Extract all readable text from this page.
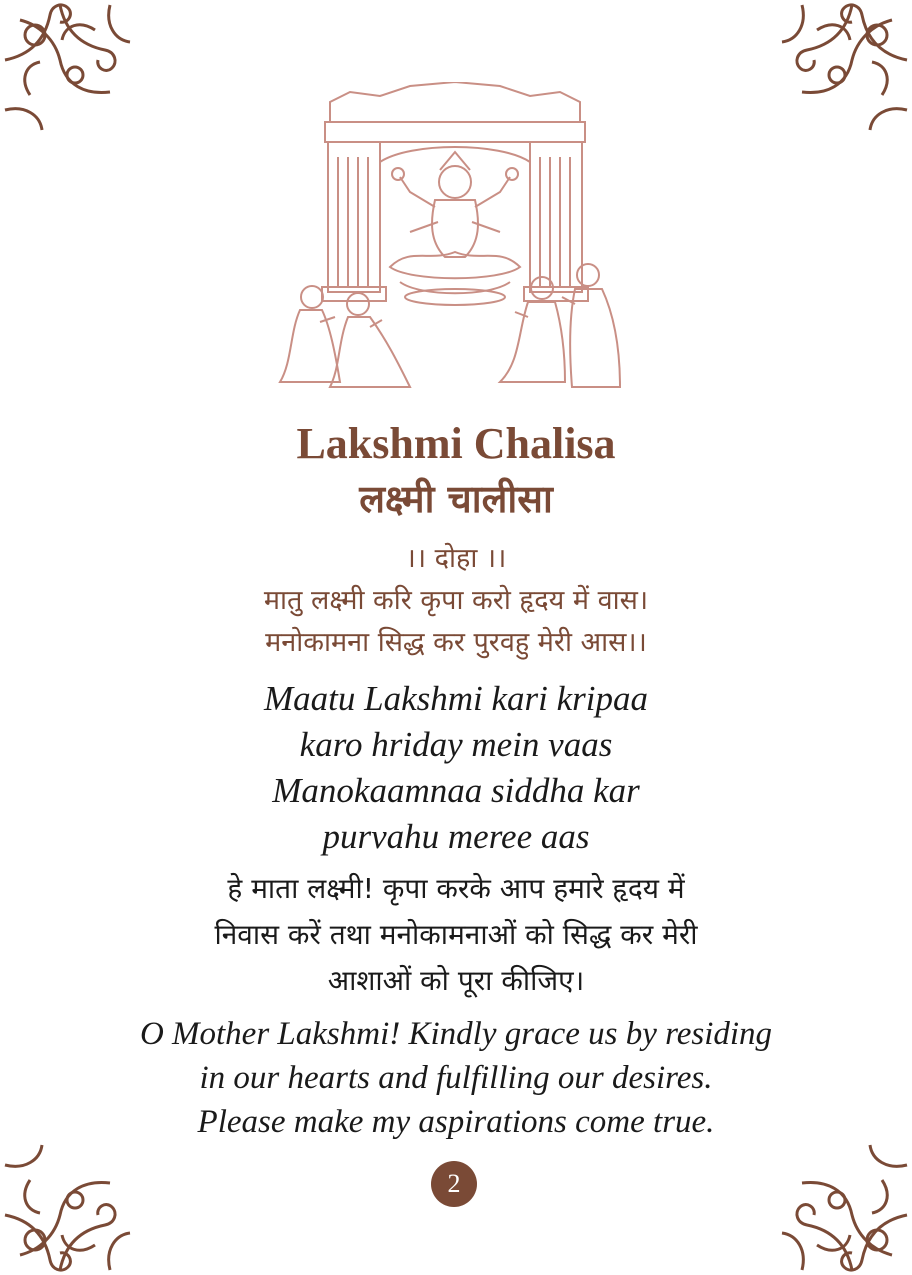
Lakshmi Chalisa
लक्ष्मी चालीसा
।। दोहा ।।
मातु लक्ष्मी करि कृपा करो हृदय में वास।
मनोकामना सिद्ध कर पुरवहु मेरी आस।।
Maatu Lakshmi kari kripaa
karo hriday mein vaas
Manokaamnaa siddha kar
purvahu meree aas
हे माता लक्ष्मी! कृपा करके आप हमारे हृदय में
निवास करें तथा मनोकामनाओं को सिद्ध कर मेरी
आशाओं को पूरा कीजिए।
O Mother Lakshmi! Kindly grace us by residing
in our hearts and fulfilling our desires.
Please make my aspirations come true.
2
